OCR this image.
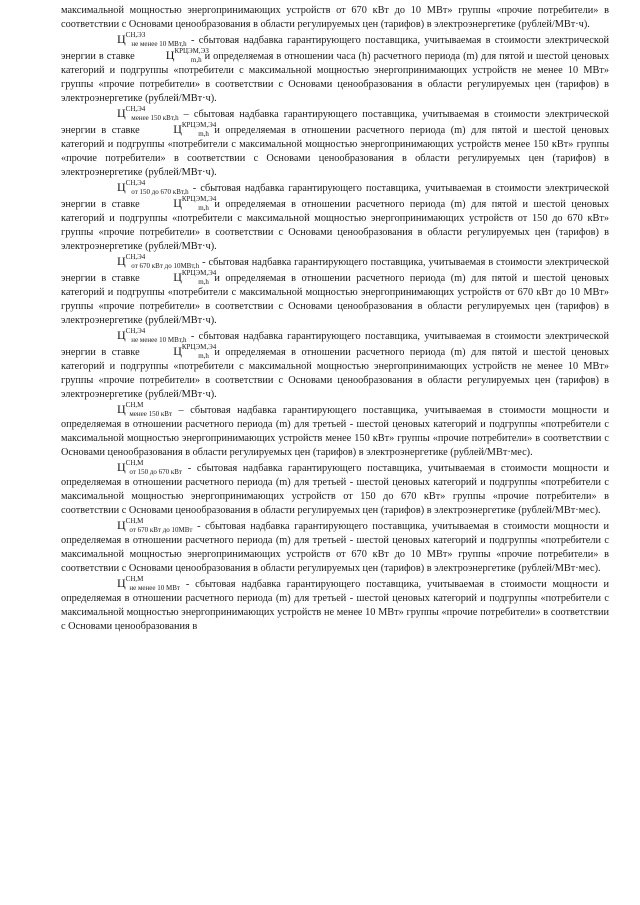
максимальной мощностью энергопринимающих устройств от 670 кВт до 10 МВт» группы «прочие потребители» в соответствии с Основами ценообразования в области регулируемых цен (тарифов) в электроэнергетике (рублей/МВт·ч).

$Ц^{СН,ЭЗ}_{не менее 10 МВт,h}$ - сбытовая надбавка гарантирующего поставщика, учитываемая в стоимости электрической энергии в ставке $Ц^{КРЦЭМ,ЭЗ}_{m,h}$ и определяемая в отношении часа (h) расчетного периода (m) для пятой и шестой ценовых категорий и подгруппы «потребители с максимальной мощностью энергопринимающих устройств не менее 10 МВт» группы «прочие потребители» в соответствии с Основами ценообразования в области регулируемых цен (тарифов) в электроэнергетике (рублей/МВт·ч).

$Ц^{СН,Э4}_{менее 150 кВт,h}$ – сбытовая надбавка гарантирующего поставщика, учитываемая в стоимости электрической энергии в ставке $Ц^{КРЦЭМ,Э4}_{m,h}$ и определяемая в отношении расчетного периода (m) для пятой и шестой ценовых категорий и подгруппы «потребители с максимальной мощностью энергопринимающих устройств менее 150 кВт» группы «прочие потребители» в соответствии с Основами ценообразования в области регулируемых цен (тарифов) в электроэнергетике (рублей/МВт·ч).

$Ц^{СН,Э4}_{от 150 до 670 кВт,h}$ - сбытовая надбавка гарантирующего поставщика, учитываемая в стоимости электрической энергии в ставке $Ц^{КРЦЭМ,Э4}_{m,h}$ и определяемая в отношении расчетного периода (m) для пятой и шестой ценовых категорий и подгруппы «потребители с максимальной мощностью энергопринимающих устройств от 150 до 670 кВт» группы «прочие потребители» в соответствии с Основами ценообразования в области регулируемых цен (тарифов) в электроэнергетике (рублей/МВт·ч).

$Ц^{СН,Э4}_{от 670 кВт до 10МВт,h}$ - сбытовая надбавка гарантирующего поставщика, учитываемая в стоимости электрической энергии в ставке $Ц^{КРЦЭМ,Э4}_{m,h}$ и определяемая в отношении расчетного периода (m) для пятой и шестой ценовых категорий и подгруппы «потребители с максимальной мощностью энергопринимающих устройств от 670 кВт до 10 МВт» группы «прочие потребители» в соответствии с Основами ценообразования в области регулируемых цен (тарифов) в электроэнергетике (рублей/МВт·ч).

$Ц^{СН,Э4}_{не менее 10 МВт,h}$ - сбытовая надбавка гарантирующего поставщика, учитываемая в стоимости электрической энергии в ставке $Ц^{КРЦЭМ,Э4}_{m,h}$ и определяемая в отношении расчетного периода (m) для пятой и шестой ценовых категорий и подгруппы «потребители с максимальной мощностью энергопринимающих устройств не менее 10 МВт» группы «прочие потребители» в соответствии с Основами ценообразования в области регулируемых цен (тарифов) в электроэнергетике (рублей/МВт·ч).

$Ц^{СН,М}_{менее 150 кВт}$ – сбытовая надбавка гарантирующего поставщика, учитываемая в стоимости мощности и определяемая в отношении расчетного периода (m) для третьей - шестой ценовых категорий и подгруппы «потребители с максимальной мощностью энергопринимающих устройств менее 150 кВт» группы «прочие потребители» в соответствии с Основами ценообразования в области регулируемых цен (тарифов) в электроэнергетике (рублей/МВт·мес).

$Ц^{СН,М}_{от 150 до 670 кВт}$ - сбытовая надбавка гарантирующего поставщика, учитываемая в стоимости мощности и определяемая в отношении расчетного периода (m) для третьей - шестой ценовых категорий и подгруппы «потребители с максимальной мощностью энергопринимающих устройств от 150 до 670 кВт» группы «прочие потребители» в соответствии с Основами ценообразования в области регулируемых цен (тарифов) в электроэнергетике (рублей/МВт·мес).

$Ц^{СН,М}_{от 670 кВт до 10МВт}$ - сбытовая надбавка гарантирующего поставщика, учитываемая в стоимости мощности и определяемая в отношении расчетного периода (m) для третьей - шестой ценовых категорий и подгруппы «потребители с максимальной мощностью энергопринимающих устройств от 670 кВт до 10 МВт» группы «прочие потребители» в соответствии с Основами ценообразования в области регулируемых цен (тарифов) в электроэнергетике (рублей/МВт·мес).

$Ц^{СН,М}_{не менее 10 МВт}$ - сбытовая надбавка гарантирующего поставщика, учитываемая в стоимости мощности и определяемая в отношении расчетного периода (m) для третьей - шестой ценовых категорий и подгруппы «потребители с максимальной мощностью энергопринимающих устройств не менее 10 МВт» группы «прочие потребители» в соответствии с Основами ценообразования в
